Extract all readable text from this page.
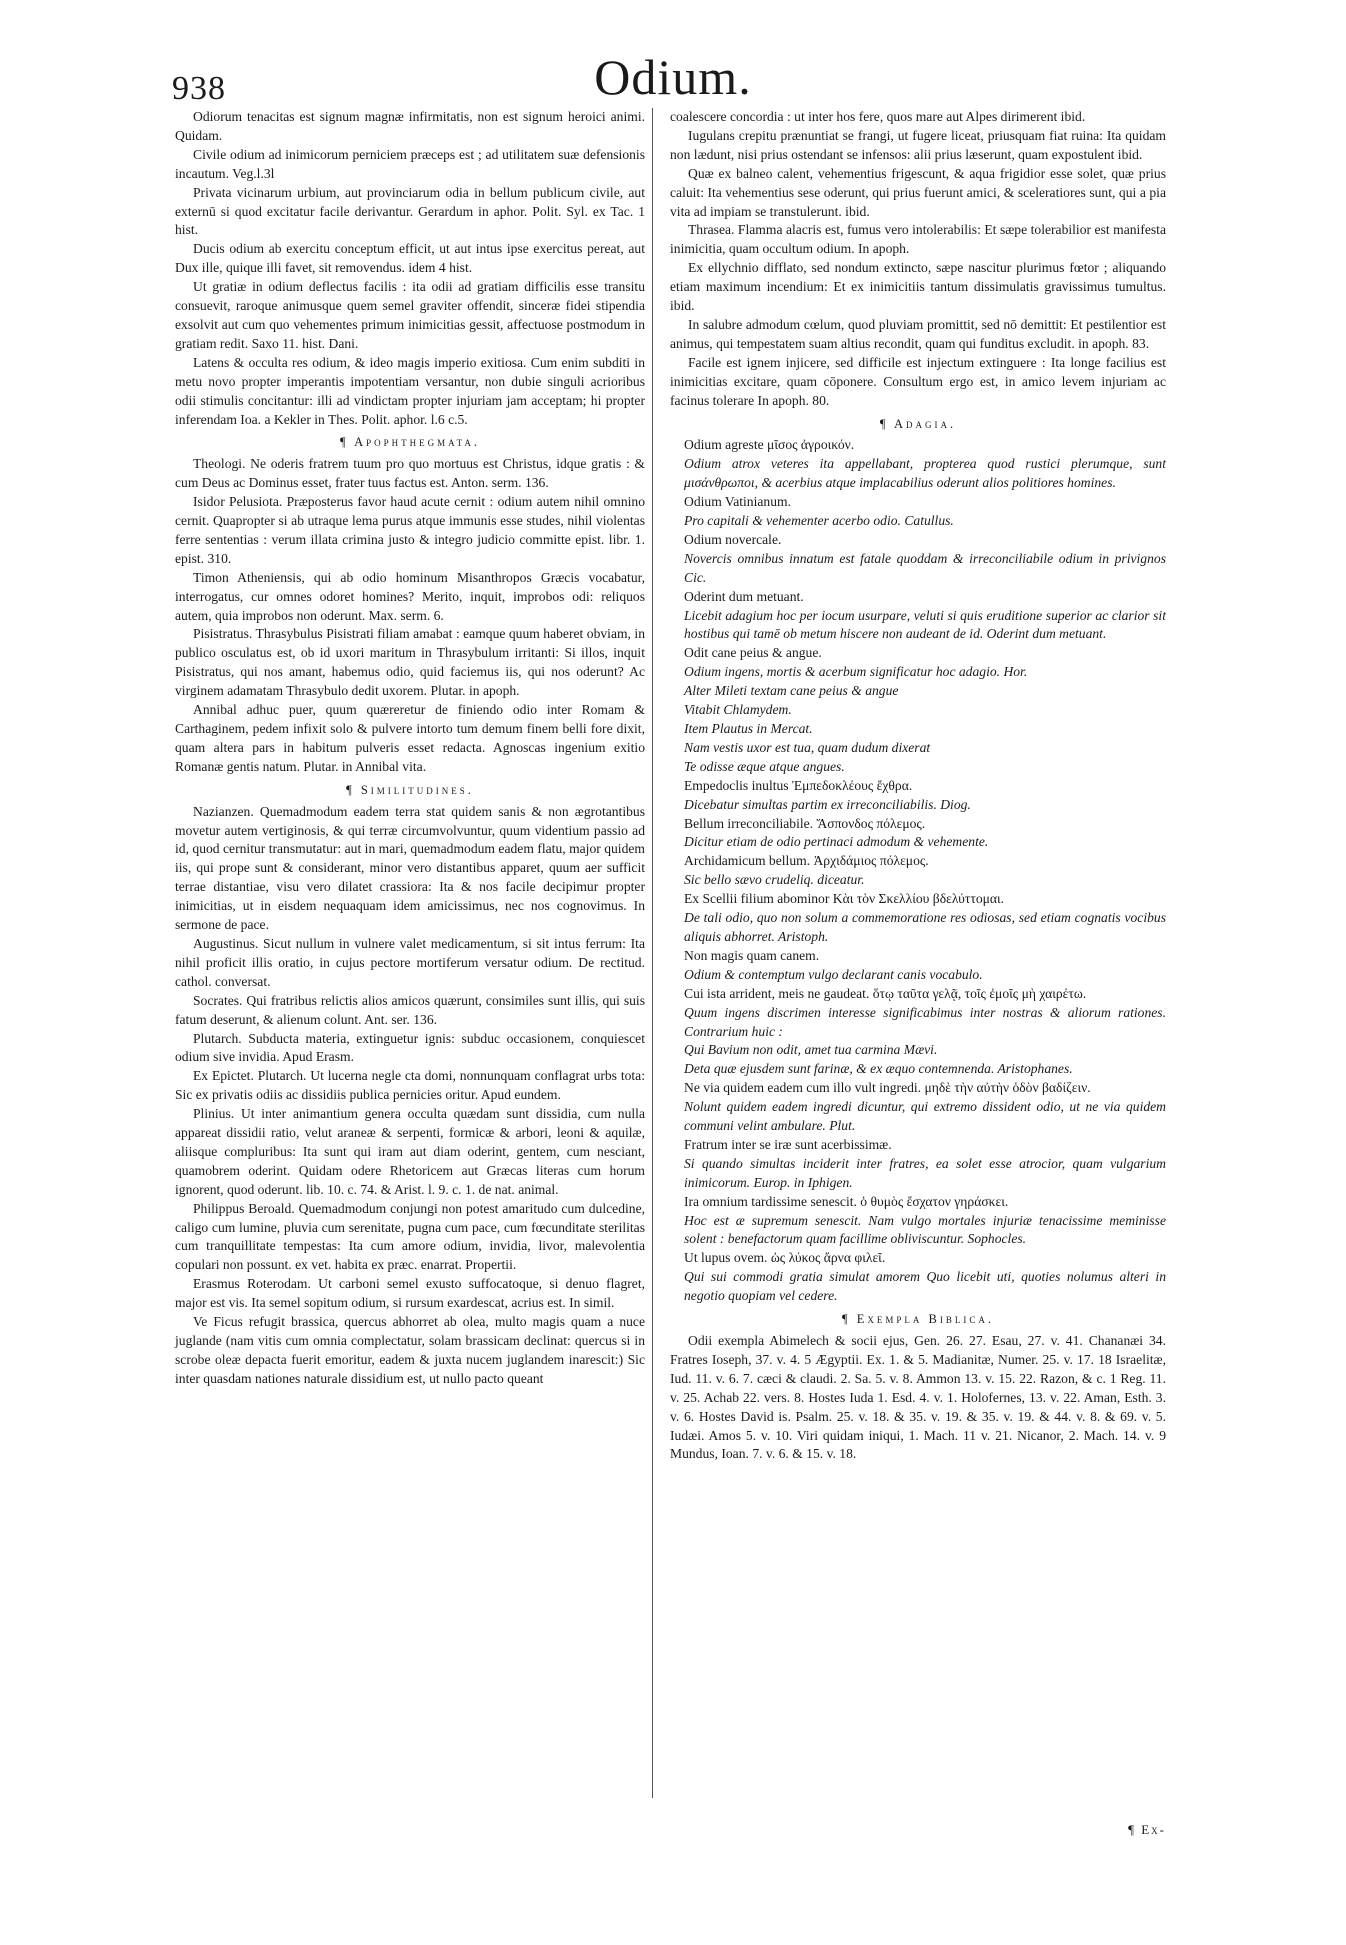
938	Odium.

Odiorum tenacitas est signum magnæ infirmitatis, non est signum heroici animi. Quidam.

Civile odium ad inimicorum perniciem præceps est ; ad utilitatem suæ defensionis incautum. Veg.l.3l

Privata vicinarum urbium, aut provinciarum odia in bellum publicum civile, aut externū si quod excitatur facile derivantur. Gerardum in aphor. Polit. Syl. ex Tac. 1 hist.

Ducis odium ab exercitu conceptum efficit, ut aut intus ipse exercitus pereat, aut Dux ille, quique illi favet, sit removendus. idem 4 hist.

Ut gratiæ in odium deflectus facilis : ita odii ad gratiam difficilis esse transitu consuevit, raroque animusque quem semel graviter offendit, sinceræ fidei stipendia exsolvit aut cum quo vehementes primum inimicitias gessit, affectuose postmodum in gratiam redit. Saxo 11. hist. Dani.

Latens & occulta res odium, & ideo magis imperio exitiosa. Cum enim subditi in metu novo propter imperantis impotentiam versantur, non dubie singuli acrioribus odii stimulis concitantur: illi ad vindictam propter injuriam jam acceptam; hi propter inferendam Ioa. a Kekler in Thes. Polit. aphor. l.6 c.5.

¶ Apophthegmata.

Theologi. Ne oderis fratrem tuum pro quo mortuus est Christus, idque gratis : & cum Deus ac Dominus esset, frater tuus factus est. Anton. serm. 136.

Isidor Pelusiota. Præposterus favor haud acute cernit : odium autem nihil omnino cernit. Quapropter si ab utraque lema purus atque immunis esse studes, nihil violentas ferre sententias : verum illata crimina justo & integro judicio committe epist. libr. 1. epist. 310.

Timon Atheniensis, qui ab odio hominum Misanthropos Græcis vocabatur, interrogatus, cur omnes odoret homines? Merito, inquit, improbos odi: reliquos autem, quia improbos non oderunt. Max. serm. 6.

Pisistratus. Thrasybulus Pisistrati filiam amabat : eamque quum haberet obviam, in publico osculatus est, ob id uxori maritum in Thrasybulum irritanti: Si illos, inquit Pisistratus, qui nos amant, habemus odio, quid faciemus iis, qui nos oderunt? Ac virginem adamatam Thrasybulo dedit uxorem. Plutar. in apoph.

Annibal adhuc puer, quum quæreretur de finiendo odio inter Romam & Carthaginem, pedem infixit solo & pulvere intorto tum demum finem belli fore dixit, quam altera pars in habitum pulveris esset redacta. Agnoscas ingenium exitio Romanæ gentis natum. Plutar. in Annibal vita.

¶ Similitudines.

Nazianzen. Quemadmodum eadem terra stat quidem sanis & non ægrotantibus movetur autem vertiginosis, & qui terræ circumvolvuntur, quum videntium passio ad id, quod cernitur transmutatur: aut in mari, quemadmodum eadem flatu, major quidem iis, qui prope sunt & considerant, minor vero distantibus apparet, quum aer sufficit terrae distantiae, visu vero dilatet crassiora: Ita & nos facile decipimur propter inimicitias, ut in eisdem nequaquam idem amicissimus, nec nos cognovimus. In sermone de pace.

Augustinus. Sicut nullum in vulnere valet medicamentum, si sit intus ferrum: Ita nihil proficit illis oratio, in cujus pectore mortiferum versatur odium. De rectitud. cathol. conversat.

Socrates. Qui fratribus relictis alios amicos quærunt, consimiles sunt illis, qui suis fatum deserunt, & alienum colunt. Ant. ser. 136.

Plutarch. Subducta materia, extinguetur ignis: subduc occasionem, conquiescet odium sive invidia. Apud Erasm.

Ex Epictet. Plutarch. Ut lucerna negle cta domi, nonnunquam conflagrat urbs tota: Sic ex privatis odiis ac dissidiis publica pernicies oritur. Apud eundem.

Plinius. Ut inter animantium genera occulta quædam sunt dissidia, cum nulla appareat dissidii ratio, velut araneæ & serpenti, formicæ & arbori, leoni & aquilæ, aliisque compluribus: Ita sunt qui iram aut diam oderint, gentem, cum nesciant, quamobrem oderint. Quidam odere Rhetoricem aut Græcas literas cum horum ignorent, quod oderunt. lib. 10. c. 74. & Arist. l. 9. c. 1. de nat. animal.

Philippus Beroald. Quemadmodum conjungi non potest amaritudo cum dulcedine, caligo cum lumine, pluvia cum serenitate, pugna cum pace, cum fœcunditate sterilitas cum tranquillitate tempestas: Ita cum amore odium, invidia, livor, malevolentia copulari non possunt. ex vet. habita ex præc. enarrat. Propertii.

Erasmus Roterodam. Ut carboni semel exusto suffocatoque, si denuo flagret, major est vis. Ita semel sopitum odium, si rursum exardescat, acrius est. In simil.

Ve Ficus refugit brassica, quercus abhorret ab olea, multo magis quam a nuce juglande (nam vitis cum omnia complectatur, solam brassicam declinat: quercus si in scrobe oleæ depacta fuerit emoritur, eadem & juxta nucem juglandem inarescit:) Sic inter quasdam nationes naturale dissidium est, ut nullo pacto queant

coalescere concordia : ut inter hos fere, quos mare aut Alpes dirimerent ibid.

Iugulans crepitu prænuntiat se frangi, ut fugere liceat, priusquam fiat ruina: Ita quidam non lædunt, nisi prius ostendant se infensos: alii prius læserunt, quam expostulent ibid.

Quæ ex balneo calent, vehementius frigescunt, & aqua frigidior esse solet, quæ prius caluit: Ita vehementius sese oderunt, qui prius fuerunt amici, & sceleratiores sunt, qui a pia vita ad impiam se transtulerunt. ibid.

Thrasea. Flamma alacris est, fumus vero intolerabilis: Et sæpe tolerabilior est manifesta inimicitia, quam occultum odium. In apoph.

Ex ellychnio difflato, sed nondum extincto, sæpe nascitur plurimus fœtor ; aliquando etiam maximum incendium: Et ex inimicitiis tantum dissimulatis gravissimus tumultus. ibid.

In salubre admodum cœlum, quod pluviam promittit, sed nō demittit: Et pestilentior est animus, qui tempestatem suam altius recondit, quam qui funditus excludit. in apoph. 83.

Facile est ignem injicere, sed difficile est injectum extinguere : Ita longe facilius est inimicitias excitare, quam cōponere. Consultum ergo est, in amico levem injuriam ac facinus tolerare In apoph. 80.

¶ Adagia.

Odium agreste μῖσος ἀγροικόν.

Odium atrox veteres ita appellabant, propterea quod rustici plerumque, sunt μισάνθρωποι, & acerbius atque implacabilius oderunt alios politiores homines.

Odium Vatinianum.

Pro capitali & vehementer acerbo odio. Catullus.

Odium novercale.

Novercis omnibus innatum est fatale quoddam & irreconciliabile odium in privignos Cic.

Oderint dum metuant.

Licebit adagium hoc per iocum usurpare, veluti si quis eruditione superior ac clarior sit hostibus qui tamē ob metum hiscere non audeant de id. Oderint dum metuant.

Odit cane peius & angue.

Odium ingens, mortis & acerbum significatur hoc adagio. Hor.

Alter Mileti textam cane peius & angue

Vitabit Chlamydem.

Item Plautus in Mercat.

Nam vestis uxor est tua, quam dudum dixerat

Te odisse æque atque angues.

Empedoclis inultus Ἐμπεδοκλέους ἔχθρα.

Dicebatur simultas partim ex irreconciliabilis. Diog.

Bellum irreconciliabile. Ἄσπονδος πόλεμος.

Dicitur etiam de odio pertinaci admodum & vehemente.

Archidamicum bellum. Ἀρχιδάμιος πόλεμος.

Sic bello sævo crudeliq. diceatur.

Ex Scellii filium abominor Κὰι τὸν Σκελλίου βδελύττομαι.

De tali odio, quo non solum a commemoratione res odiosas, sed etiam cognatis vocibus aliquis abhorret. Aristoph.

Non magis quam canem.

Odium & contemptum vulgo declarant canis vocabulo.

Cui ista arrident, meis ne gaudeat. ὅτῳ ταῦτα γελᾷ, τοῖς ἐμοῖς μὴ χαιρέτω.

Quum ingens discrimen interesse significabimus inter nostras & aliorum rationes. Contrarium huic :

Qui Bavium non odit, amet tua carmina Mævi.

Deta quæ ejusdem sunt farinæ, & ex æquo contemnenda. Aristophanes.

Ne via quidem eadem cum illo vult ingredi. μηδὲ τὴν αὐτὴν ὁδὸν βαδίζειν.

Nolunt quidem eadem ingredi dicuntur, qui extremo dissident odio, ut ne via quidem communi velint ambulare. Plut.

Fratrum inter se iræ sunt acerbissimæ.

Si quando simultas inciderit inter fratres, ea solet esse atrocior, quam vulgarium inimicorum. Europ. in Iphigen.

Ira omnium tardissime senescit. ὁ θυμὸς ἔσχατον γηράσκει.

Hoc est æ supremum senescit. Nam vulgo mortales injuriæ tenacissime meminisse solent : benefactorum quam facillime obliviscuntur. Sophocles.

Ut lupus ovem. ὡς λύκος ἄρνα φιλεῖ.

Qui sui commodi gratia simulat amorem Quo licebit uti, quoties nolumus alteri in negotio quopiam vel cedere.

¶ Exempla Biblica.

Odii exempla Abimelech & socii ejus, Gen. 26. 27. Esau, 27. v. 41. Chananæi 34. Fratres Ioseph, 37. v. 4. 5 Ægyptii. Ex. 1. & 5. Madianitæ, Numer. 25. v. 17. 18 Israelitæ, Iud. 11. v. 6. 7. cæci & claudi. 2. Sa. 5. v. 8. Ammon 13. v. 15. 22. Razon, & c. 1 Reg. 11. v. 25. Achab 22. vers. 8. Hostes Iuda 1. Esd. 4. v. 1. Holofernes, 13. v. 22. Aman, Esth. 3. v. 6. Hostes David is. Psalm. 25. v. 18. & 35. v. 19. & 35. v. 19. & 44. v. 8. & 69. v. 5. Iudæi. Amos 5. v. 10. Viri quidam iniqui, 1. Mach. 11 v. 21. Nicanor, 2. Mach. 14. v. 9 Mundus, Ioan. 7. v. 6. & 15. v. 18.

¶ Ex-
